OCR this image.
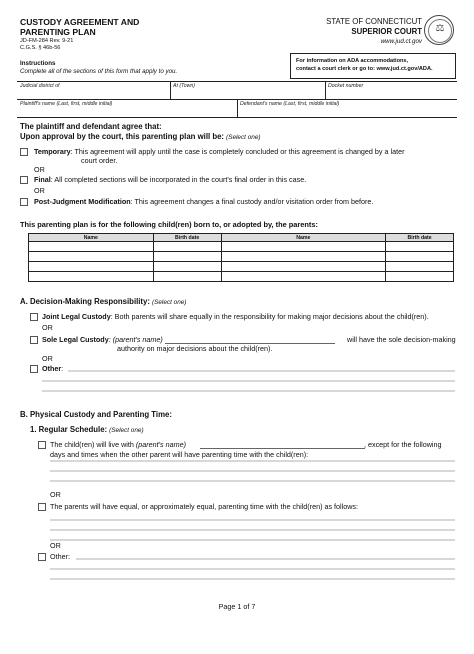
CUSTODY AGREEMENT AND
PARENTING PLAN
JD-FM-284 Rev. 9-21
C.G.S. § 46b-56
STATE OF CONNECTICUT
SUPERIOR COURT
www.jud.ct.gov
⚖
Instructions
Complete all of the sections of this form that apply to you.
For information on ADA accommodations,
contact a court clerk or go to: www.jud.ct.gov/ADA.
Judicial district of	At (Town)	Docket number
Plaintiff's name (Last, first, middle initial)	Defendant's name (Last, first, middle initial)
The plaintiff and defendant agree that:
Upon approval by the court, this parenting plan will be: (Select one)
Temporary: This agreement will apply until the case is completely concluded or this agreement is changed by a later
court order.
OR
Final: All completed sections will be incorporated in the court's final order in this case.
OR
Post-Judgment Modification: This agreement changes a final custody and/or visitation order from before.
This parenting plan is for the following child(ren) born to, or adopted by, the parents:
Name	Birth date	Name	Birth date

A. Decision-Making Responsibility: (Select one)
Joint Legal Custody: Both parents will share equally in the responsibility for making major decisions about the child(ren).
OR
Sole Legal Custody: (parent's name)	will have the sole decision-making
authority on major decisions about the child(ren).
OR
Other:
B. Physical Custody and Parenting Time:
1. Regular Schedule: (Select one)
The child(ren) will live with (parent's name)	, except for the following
days and times when the other parent will have parenting time with the child(ren):
OR
The parents will have equal, or approximately equal, parenting time with the child(ren) as follows:
OR
Other:
Page 1 of 7
